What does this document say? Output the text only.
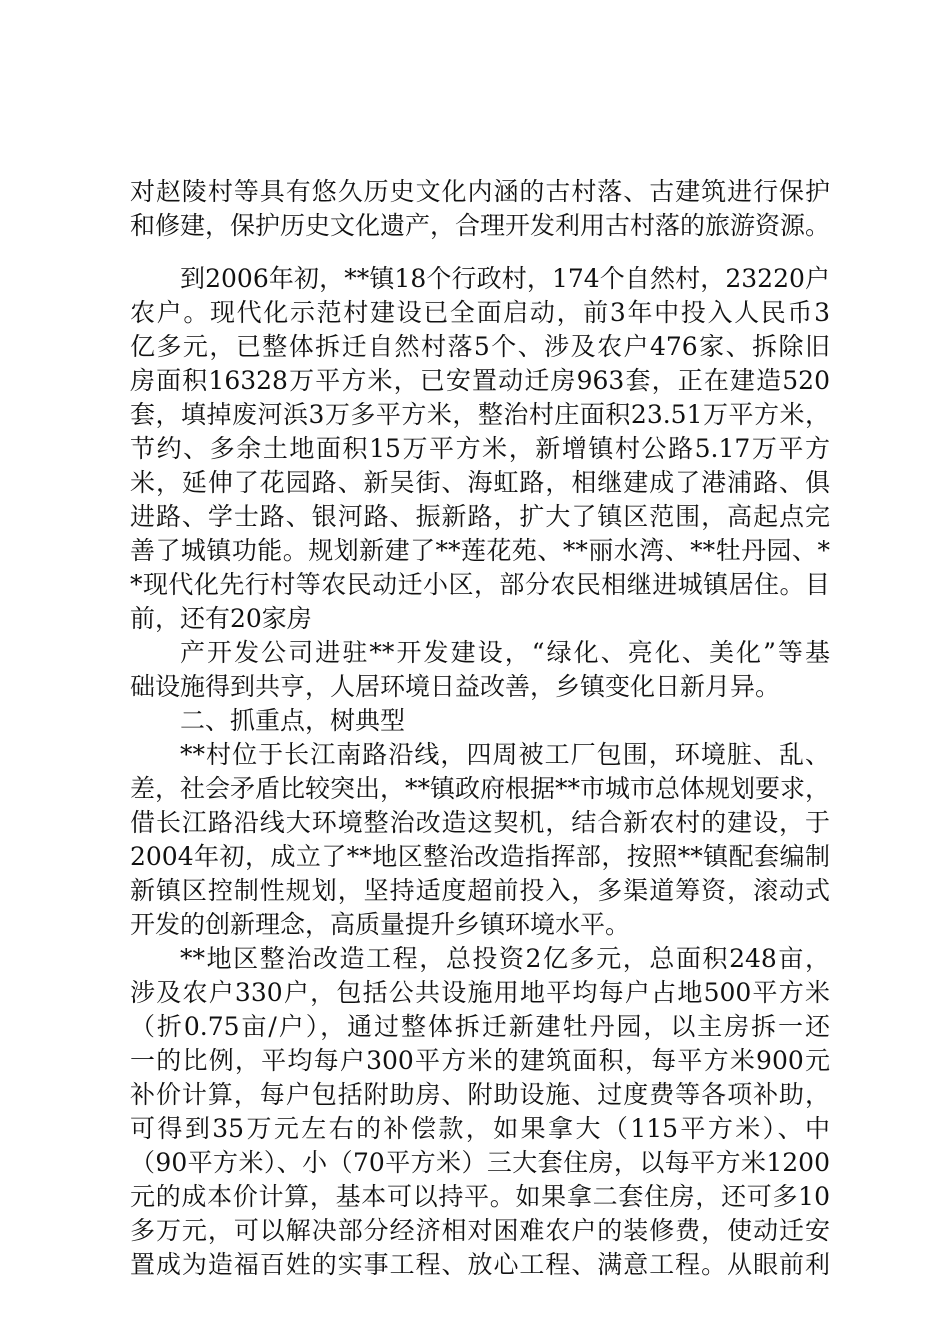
对赵陵村等具有悠久历史文化内涵的古村落、古建筑进行保护
和修建，保护历史文化遗产，合理开发利用古村落的旅游资源。
到2006年初，**镇18个行政村，174个自然村，23220户
农户。现代化示范村建设已全面启动，前3年中投入人民币3
亿多元，已整体拆迁自然村落5个、涉及农户476家、拆除旧
房面积16328万平方米，已安置动迁房963套，正在建造520
套，填掉废河浜3万多平方米，整治村庄面积23.51万平方米，
节约、多余土地面积15万平方米，新增镇村公路5.17万平方
米，延伸了花园路、新吴街、海虹路，相继建成了港浦路、俱
进路、学士路、银河路、振新路，扩大了镇区范围，高起点完
善了城镇功能。规划新建了**莲花苑、**丽水湾、**牡丹园、*
*现代化先行村等农民动迁小区，部分农民相继进城镇居住。目
前，还有20家房
产开发公司进驻**开发建设，“绿化、亮化、美化”等基
础设施得到共亨，人居环境日益改善，乡镇变化日新月异。
二、抓重点，树典型
**村位于长江南路沿线，四周被工厂包围，环境脏、乱、
差，社会矛盾比较突出，**镇政府根据**市城市总体规划要求，
借长江路沿线大环境整治改造这契机，结合新农村的建设，于
2004年初，成立了**地区整治改造指挥部，按照**镇配套编制
新镇区控制性规划，坚持适度超前投入，多渠道筹资，滚动式
开发的创新理念，高质量提升乡镇环境水平。
**地区整治改造工程，总投资2亿多元，总面积248亩，
涉及农户330户，包括公共设施用地平均每户占地500平方米
（折0.75亩/户），通过整体拆迁新建牡丹园，以主房拆一还
一的比例，平均每户300平方米的建筑面积，每平方米900元
补价计算，每户包括附助房、附助设施、过度费等各项补助，
可得到35万元左右的补偿款，如果拿大（115平方米）、中
（90平方米）、小（70平方米）三大套住房，以每平方米1200
元的成本价计算，基本可以持平。如果拿二套住房，还可多10
多万元，可以解决部分经济相对困难农户的装修费，使动迁安
置成为造福百姓的实事工程、放心工程、满意工程。从眼前利
